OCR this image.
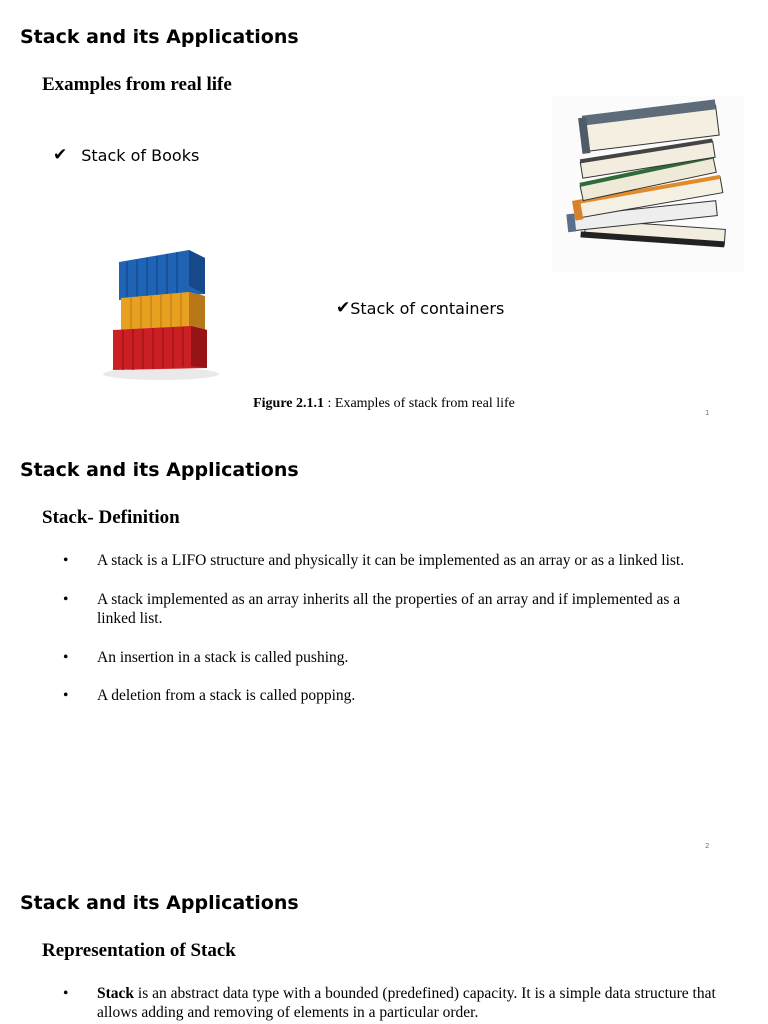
Stack and its Applications
Examples from real life
✔ Stack of Books
✔ Stack of containers
Figure 2.1.1 : Examples of stack from real life
1
Stack and its Applications
Stack- Definition
• A stack is a LIFO structure and physically it can be implemented as an array or as a linked list.
• A stack implemented as an array inherits all the properties of an array and if implemented as a linked list.
• An insertion in a stack is called pushing.
• A deletion from a stack is called popping.
2
Stack and its Applications
Representation of Stack
• Stack is an abstract data type with a bounded (predefined) capacity. It is a simple data structure that allows adding and removing of elements in a particular order.
